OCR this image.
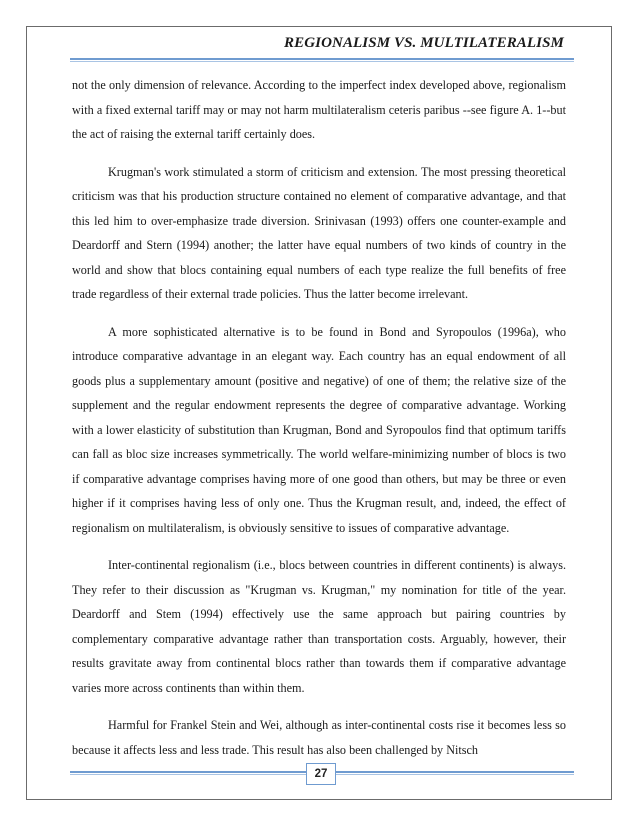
REGIONALISM VS. MULTILATERALISM

not the only dimension of relevance. According to the imperfect index developed above, regionalism with a fixed external tariff may or may not harm multilateralism ceteris paribus --see figure A. 1--but the act of raising the external tariff certainly does.

Krugman's work stimulated a storm of criticism and extension. The most pressing theoretical criticism was that his production structure contained no element of comparative advantage, and that this led him to over-emphasize trade diversion. Srinivasan (1993) offers one counter-example and Deardorff and Stern (1994) another; the latter have equal numbers of two kinds of country in the world and show that blocs containing equal numbers of each type realize the full benefits of free trade regardless of their external trade policies. Thus the latter become irrelevant.

A more sophisticated alternative is to be found in Bond and Syropoulos (1996a), who introduce comparative advantage in an elegant way. Each country has an equal endowment of all goods plus a supplementary amount (positive and negative) of one of them; the relative size of the supplement and the regular endowment represents the degree of comparative advantage. Working with a lower elasticity of substitution than Krugman, Bond and Syropoulos find that optimum tariffs can fall as bloc size increases symmetrically. The world welfare-minimizing number of blocs is two if comparative advantage comprises having more of one good than others, but may be three or even higher if it comprises having less of only one. Thus the Krugman result, and, indeed, the effect of regionalism on multilateralism, is obviously sensitive to issues of comparative advantage.

Inter-continental regionalism (i.e., blocs between countries in different continents) is always. They refer to their discussion as "Krugman vs. Krugman," my nomination for title of the year. Deardorff and Stem (1994) effectively use the same approach but pairing countries by complementary comparative advantage rather than transportation costs. Arguably, however, their results gravitate away from continental blocs rather than towards them if comparative advantage varies more across continents than within them.

Harmful for Frankel Stein and Wei, although as inter-continental costs rise it becomes less so because it affects less and less trade. This result has also been challenged by Nitsch

27
